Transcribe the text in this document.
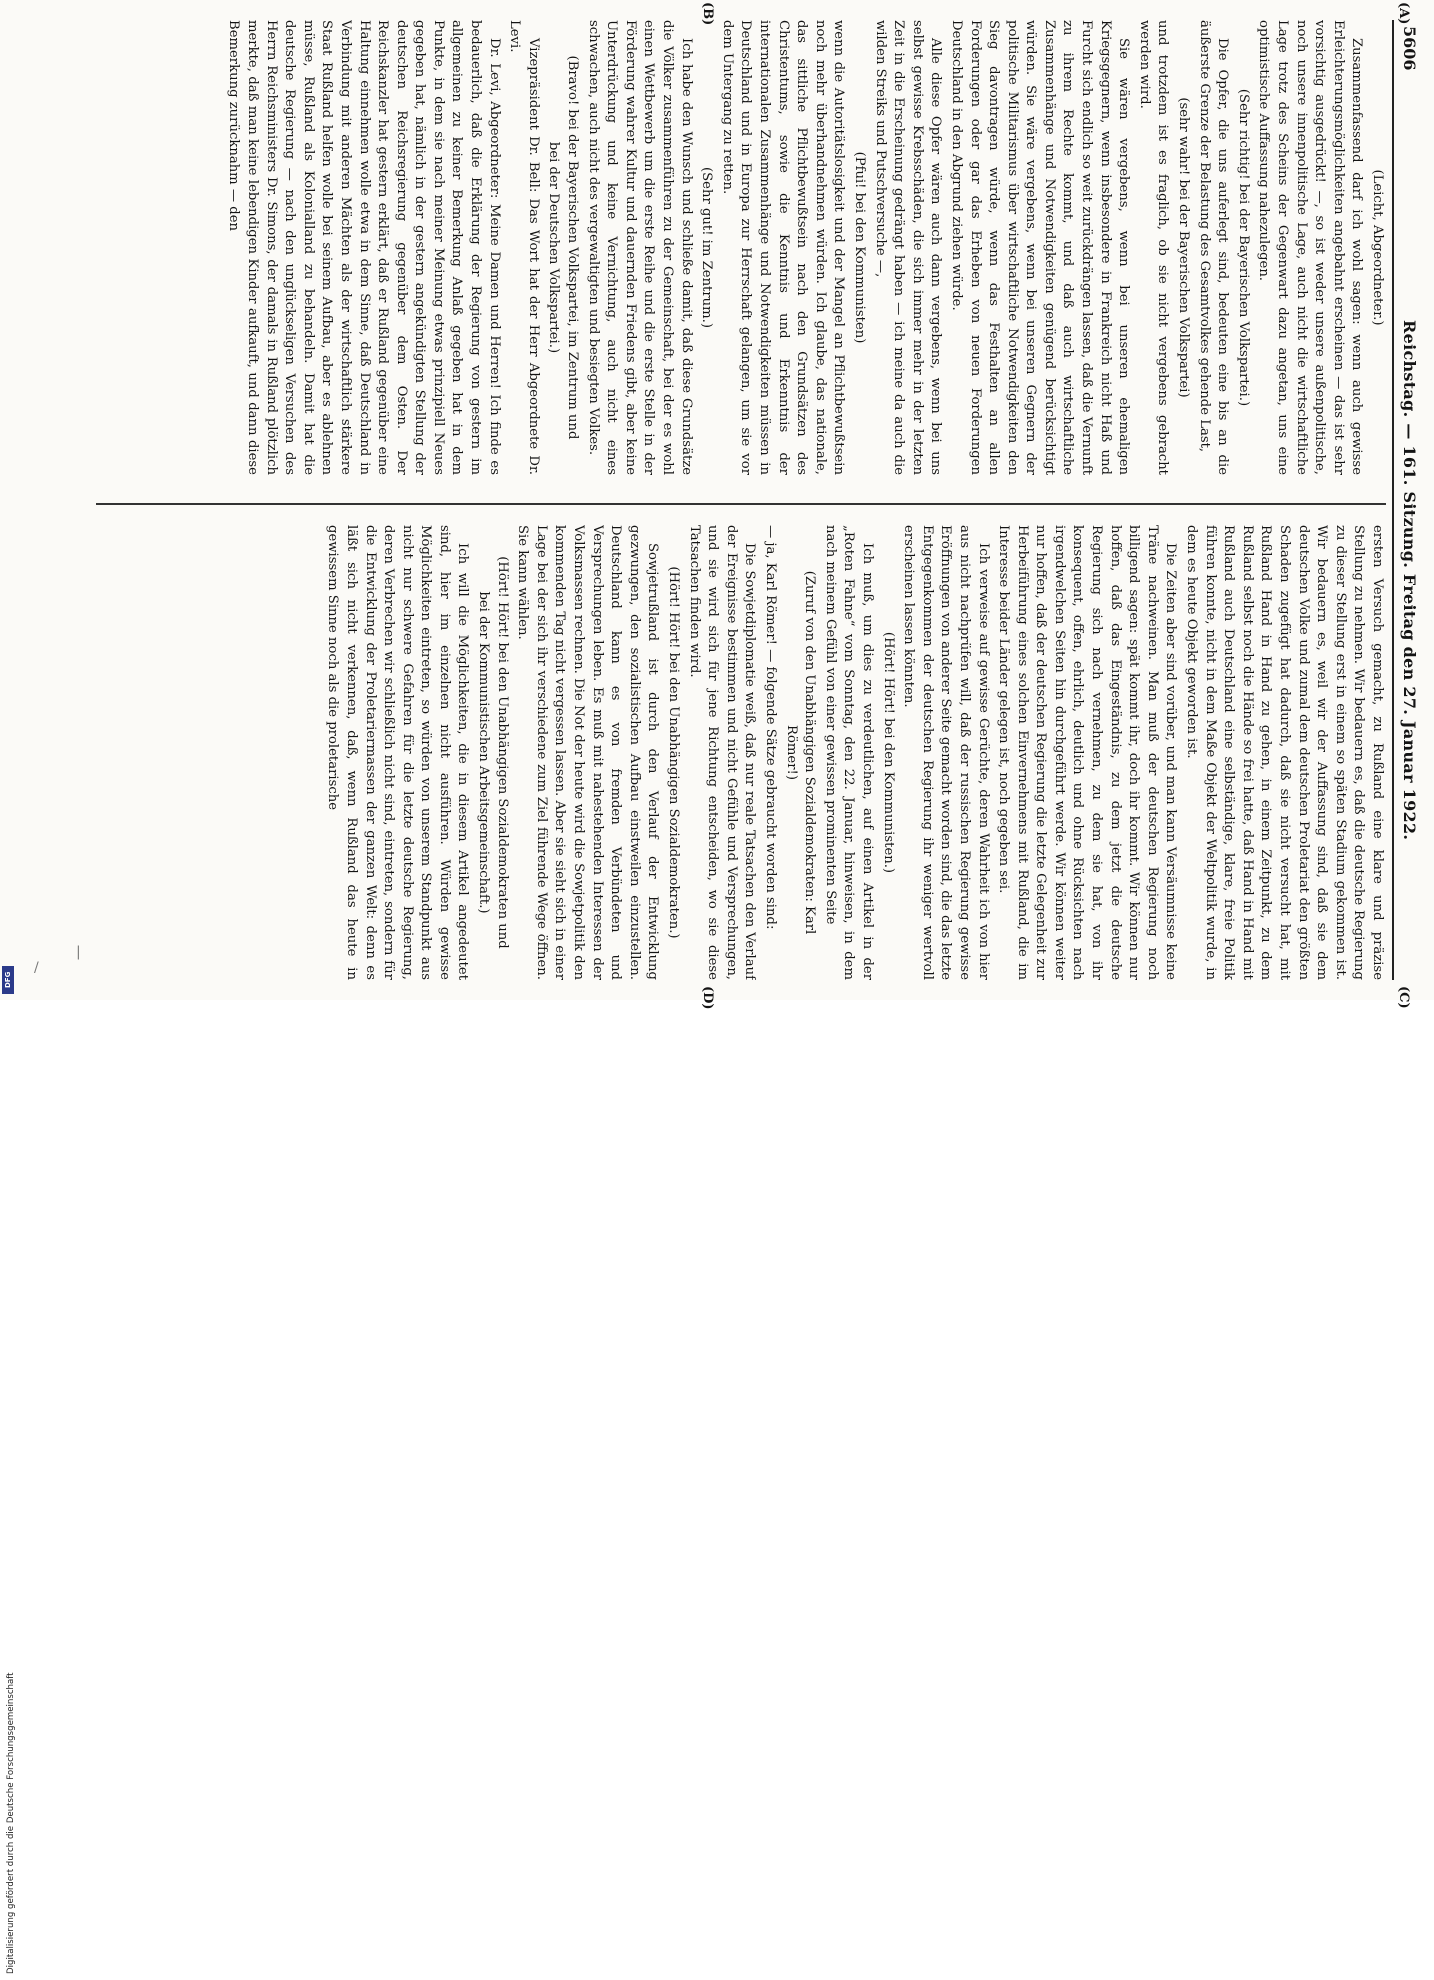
5606
Reichstag. — 161. Sitzung. Freitag den 27. Januar 1922.
(A)
(B)
(C)
(D)

(Leicht, Abgeordneter.)

Zusammenfassend darf ich wohl sagen: wenn auch gewisse Erleichterungsmöglichkeiten angebahnt erscheinen — das ist sehr vorsichtig ausgedrückt! —, so ist weder unsere außenpolitische, noch unsere innenpolitische Lage, auch nicht die wirtschaftliche Lage trotz des Scheins der Gegenwart dazu angetan, uns eine optimistische Auffassung nahezulegen.

(Sehr richtig! bei der Bayerischen Volkspartei.)

Die Opfer, die uns auferlegt sind, bedeuten eine bis an die äußerste Grenze der Belastung des Gesamtvolkes gehende Last,

(sehr wahr! bei der Bayerischen Volkspartei)

und trotzdem ist es fraglich, ob sie nicht vergebens gebracht werden wird.

Sie wären vergebens, wenn bei unseren ehemaligen Kriegsgegnern, wenn insbesondere in Frankreich nicht Haß und Furcht sich endlich so weit zurückdrängen lassen, daß die Vernunft zu ihrem Rechte kommt, und daß auch wirtschaftliche Zusammenhänge und Notwendigkeiten genügend berücksichtigt würden. Sie wäre vergebens, wenn bei unseren Gegnern der politische Militarismus über wirtschaftliche Notwendigkeiten den Sieg davontragen würde, wenn das Festhalten an allen Forderungen oder gar das Erheben von neuen Forderungen Deutschland in den Abgrund ziehen würde.

Alle diese Opfer wären auch dann vergebens, wenn bei uns selbst gewisse Krebsschäden, die sich immer mehr in der letzten Zeit in die Erscheinung gedrängt haben — ich meine da auch die wilden Streiks und Putschversuche —,

(Pfui! bei den Kommunisten)

wenn die Autoritätslosigkeit und der Mangel an Pflichtbewußtsein noch mehr überhandnehmen würden. Ich glaube, das nationale, das sittliche Pflichtbewußtsein nach den Grundsätzen des Christentums, sowie die Kenntnis und Erkenntnis der internationalen Zusammenhänge und Notwendigkeiten müssen in Deutschland und in Europa zur Herrschaft gelangen, um sie vor dem Untergang zu retten.

(Sehr gut! im Zentrum.)

Ich habe den Wunsch und schließe damit, daß diese Grundsätze die Völker zusammenführen zu der Gemeinschaft, bei der es wohl einen Wettbewerb um die erste Reihe und die erste Stelle in der Förderung wahrer Kultur und dauernden Friedens gibt, aber keine Unterdrückung und keine Vernichtung, auch nicht eines schwachen, auch nicht des vergewaltigten und besiegten Volkes.

(Bravo! bei der Bayerischen Volkspartei, im Zentrum und bei der Deutschen Volkspartei.)

Vizepräsident Dr. Bell: Das Wort hat der Herr Abgeordnete Dr. Levi.

Dr. Levi, Abgeordneter: Meine Damen und Herren! Ich finde es bedauerlich, daß die Erklärung der Regierung von gestern im allgemeinen zu keiner Bemerkung Anlaß gegeben hat in dem Punkte, in dem sie nach meiner Meinung etwas prinzipiell Neues gegeben hat, nämlich in der gestern angekündigten Stellung der deutschen Reichsregierung gegenüber dem Osten. Der Reichskanzler hat gestern erklärt, daß er Rußland gegenüber eine Haltung einnehmen wolle etwa in dem Sinne, daß Deutschland in Verbindung mit anderen Mächten als der wirtschaftlich stärkere Staat Rußland helfen wolle bei seinem Aufbau, aber es ablehnen müsse, Rußland als Kolonialland zu behandeln. Damit hat die deutsche Regierung — nach den unglückseligen Versuchen des Herrn Reichsministers Dr. Simons, der damals in Rußland plötzlich merkte, daß man keine lebendigen Kinder aufkauft, und dann diese Bemerkung zurücknahm — den

ersten Versuch gemacht, zu Rußland eine klare und präzise Stellung zu nehmen. Wir bedauern es, daß die deutsche Regierung zu dieser Stellung erst in einem so späten Stadium gekommen ist. Wir bedauern es, weil wir der Auffassung sind, daß sie dem deutschen Volke und zumal dem deutschen Proletariat den größten Schaden zugefügt hat dadurch, daß sie nicht versucht hat, mit Rußland Hand in Hand zu gehen, in einem Zeitpunkt, zu dem Rußland selbst noch die Hände so frei hatte, daß Hand in Hand mit Rußland auch Deutschland eine selbständige, klare, freie Politik führen konnte, nicht in dem Maße Objekt der Weltpolitik wurde, in dem es heute Objekt geworden ist.

Die Zeiten aber sind vorüber, und man kann Versäumnisse keine Träne nachweinen. Man muß der deutschen Regierung noch billigend sagen: spät kommt ihr, doch ihr kommt. Wir können nur hoffen, daß das Eingeständnis, zu dem jetzt die deutsche Regierung sich nach vernehmen, zu dem sie hat, von ihr konsequent, offen, ehrlich, deutlich und ohne Rücksichten nach irgendwelchen Seiten hin durchgeführt werde. Wir können weiter nur hoffen, daß der deutschen Regierung die letzte Gelegenheit zur Herbeiführung eines solchen Einvernehmens mit Rußland, die im Interesse beider Länder gelegen ist, noch gegeben sei.

Ich verweise auf gewisse Gerüchte, deren Wahrheit ich von hier aus nicht nachprüfen will, daß der russischen Regierung gewisse Eröffnungen von anderer Seite gemacht worden sind, die das letzte Entgegenkommen der deutschen Regierung ihr weniger wertvoll erscheinen lassen könnten.

(Hört! Hört! bei den Kommunisten.)

Ich muß, um dies zu verdeutlichen, auf einen Artikel in der „Roten Fahne“ vom Sonntag, den 22. Januar, hinweisen, in dem nach meinem Gefühl von einer gewissen prominenten Seite

(Zuruf von den Unabhängigen Sozialdemokraten: Karl Römer!)

— ja, Karl Römer! — folgende Sätze gebraucht worden sind:

Die Sowjetdiplomatie weiß, daß nur reale Tatsachen den Verlauf der Ereignisse bestimmen und nicht Gefühle und Versprechungen, und sie wird sich für jene Richtung entscheiden, wo sie diese Tatsachen finden wird.

(Hört! Hört! bei den Unabhängigen Sozialdemokraten.)

Sowjetrußland ist durch den Verlauf der Entwicklung gezwungen, den sozialistischen Aufbau einstweilen einzustellen. Deutschland kann es von fremden Verbündeten und Versprechungen leben. Es muß mit nahestehenden Interessen der Volksmassen rechnen. Die Not der heute wird die Sowjetpolitik den kommenden Tag nicht vergessen lassen. Aber sie sieht sich in einer Lage bei der sich ihr verschiedene zum Ziel führende Wege öffnen. Sie kann wählen.

(Hört! Hört! bei den Unabhängigen Sozialdemokraten und bei der Kommunistischen Arbeitsgemeinschaft.)

Ich will die Möglichkeiten, die in diesem Artikel angedeutet sind, hier im einzelnen nicht ausführen. Würden gewisse Möglichkeiten eintreten, so würden von unserem Standpunkt aus nicht nur schwere Gefahren für die letzte deutsche Regierung, deren Verbrechen wir schließlich nicht sind, eintreten, sondern für die Entwicklung der Proletariermassen der ganzen Welt: denn es läßt sich nicht verkennen, daß, wenn Rußland das heute in gewissem Sinne noch als die proletarische

DFG
Digitalisierung gefördert durch die Deutsche Forschungsgemeinschaft
/
|
